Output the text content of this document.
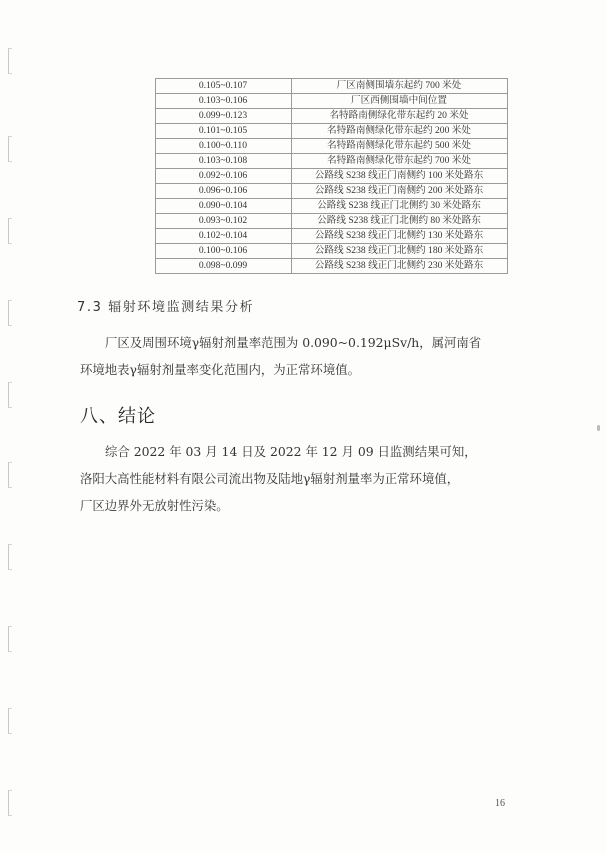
	0.105~0.107	厂区南侧围墙东起约 700 米处
	0.103~0.106	厂区西侧围墙中间位置
	0.099~0.123	名特路南侧绿化带东起约 20 米处
	0.101~0.105	名特路南侧绿化带东起约 200 米处
	0.100~0.110	名特路南侧绿化带东起约 500 米处
	0.103~0.108	名特路南侧绿化带东起约 700 米处
	0.092~0.106	公路线 S238 线正门南侧约 100 米处路东
	0.096~0.106	公路线 S238 线正门南侧约 200 米处路东
	0.090~0.104	公路线 S238 线正门北侧约 30 米处路东
	0.093~0.102	公路线 S238 线正门北侧约 80 米处路东
	0.102~0.104	公路线 S238 线正门北侧约 130 米处路东
	0.100~0.106	公路线 S238 线正门北侧约 180 米处路东
	0.098~0.099	公路线 S238 线正门北侧约 230 米处路东
7.3 辐射环境监测结果分析
厂区及周围环境γ辐射剂量率范围为 0.090~0.192μSv/h，属河南省
环境地表γ辐射剂量率变化范围内，为正常环境值。
八、结论
综合 2022 年 03 月 14 日及 2022 年 12 月 09 日监测结果可知，
洛阳大高性能材料有限公司流出物及陆地γ辐射剂量率为正常环境值，
厂区边界外无放射性污染。
16
